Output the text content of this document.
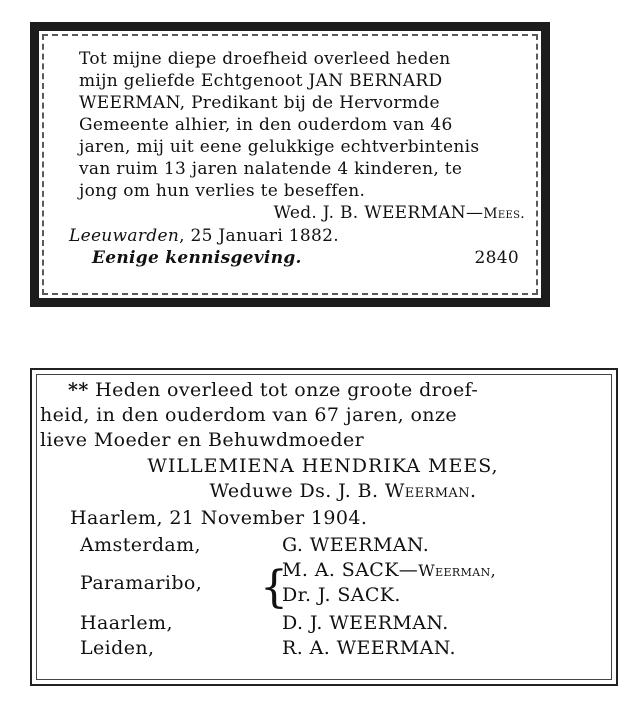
Tot mijne diepe droefheid overleed heden
mijn geliefde Echtgenoot JAN BERNARD
WEERMAN, Predikant bij de Hervormde
Gemeente alhier, in den ouderdom van 46
jaren, mij uit eene gelukkige echtverbintenis
van ruim 13 jaren nalatende 4 kinderen, te
jong om hun verlies te beseffen.

Wed. J. B. WEERMAN—Mees.

Leeuwarden, 25 Januari 1882.

Eenige kennisgeving.	2840

** Heden overleed tot onze groote droef-
heid, in den ouderdom van 67 jaren, onze
lieve Moeder en Behuwdmoeder

WILLEMIENA HENDRIKA MEES,
Weduwe Ds. J. B. Weerman.
Haarlem, 21 November 1904.
Amsterdam,	G. WEERMAN.
Paramaribo, {
M. A. SACK—Weerman,
Dr. J. SACK.
Haarlem,	D. J. WEERMAN.
Leiden,	R. A. WEERMAN.
